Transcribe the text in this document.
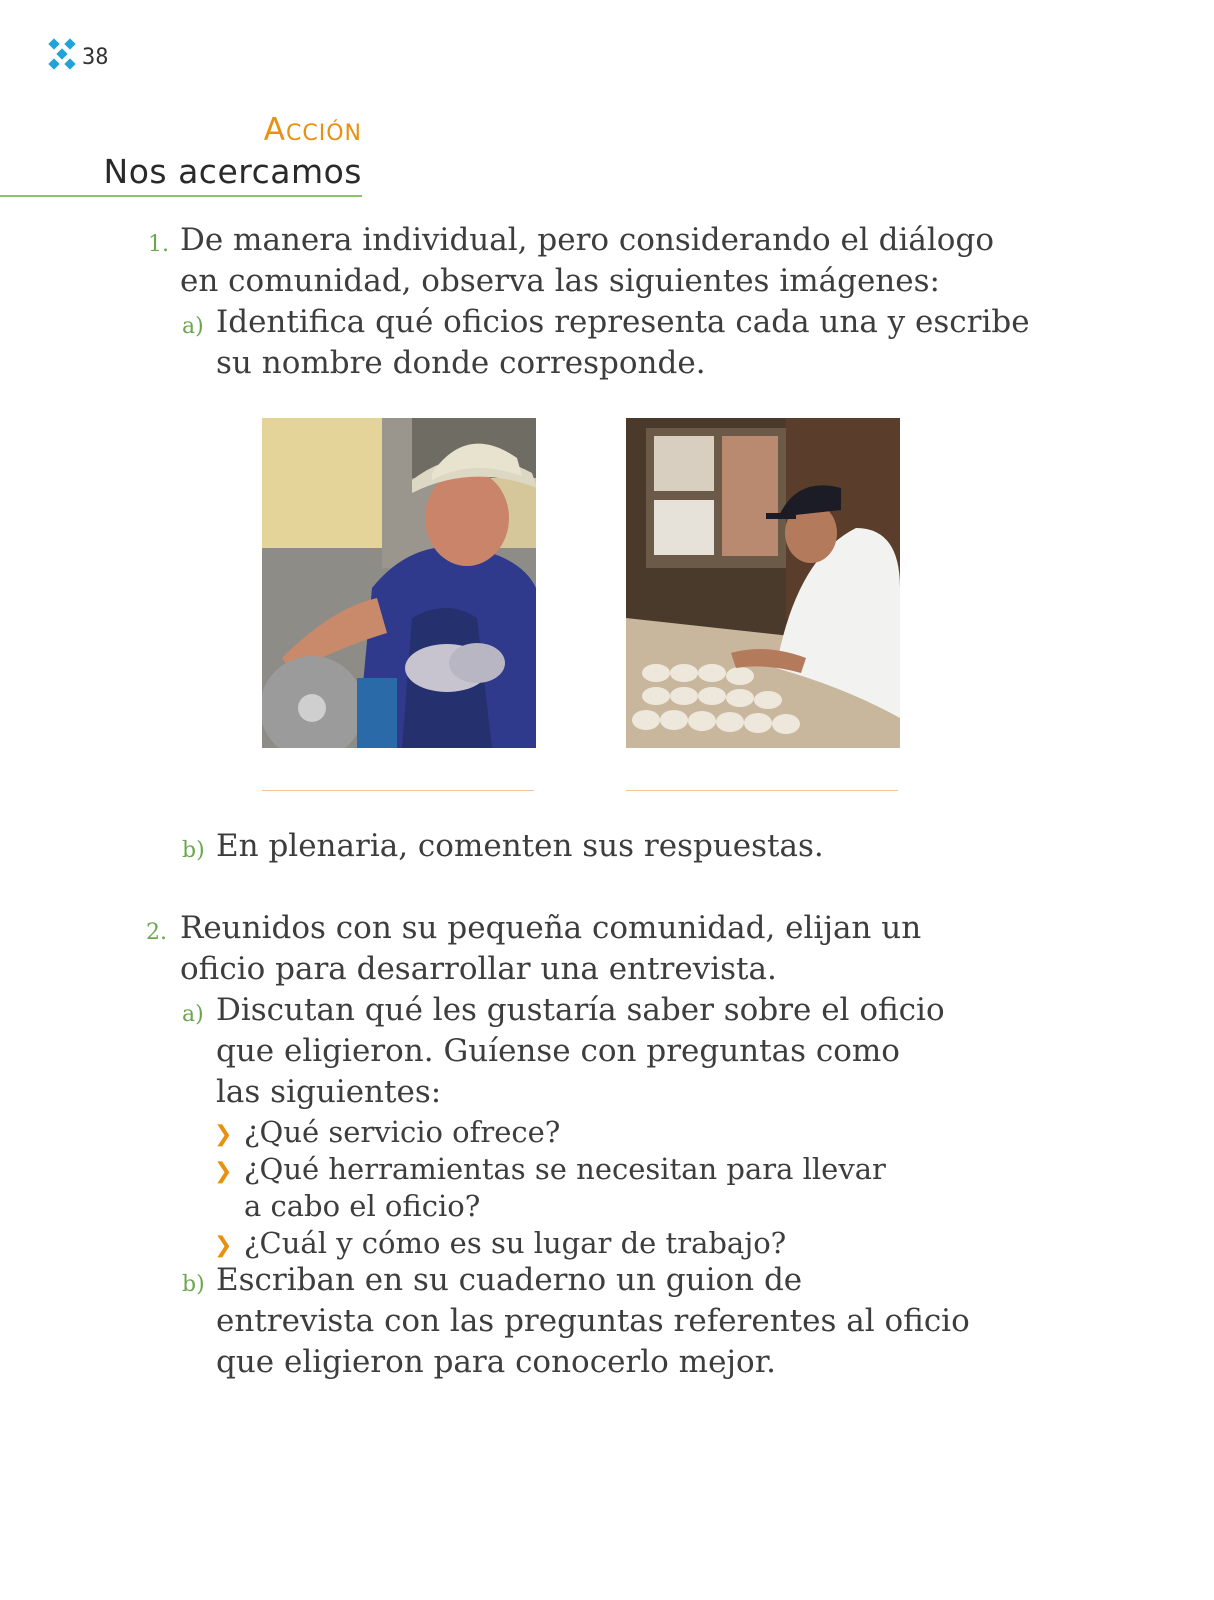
38
Acción
Nos acercamos
1. De manera individual, pero considerando el diálogo
en comunidad, observa las siguientes imágenes:
a) Identifica qué oficios representa cada una y escribe
su nombre donde corresponde.
b) En plenaria, comenten sus respuestas.
2. Reunidos con su pequeña comunidad, elijan un
oficio para desarrollar una entrevista.
a) Discutan qué les gustaría saber sobre el oficio
que eligieron. Guíense con preguntas como
las siguientes:
❯ ¿Qué servicio ofrece?
❯ ¿Qué herramientas se necesitan para llevar
a cabo el oficio?
❯ ¿Cuál y cómo es su lugar de trabajo?
b) Escriban en su cuaderno un guion de
entrevista con las preguntas referentes al oficio
que eligieron para conocerlo mejor.
